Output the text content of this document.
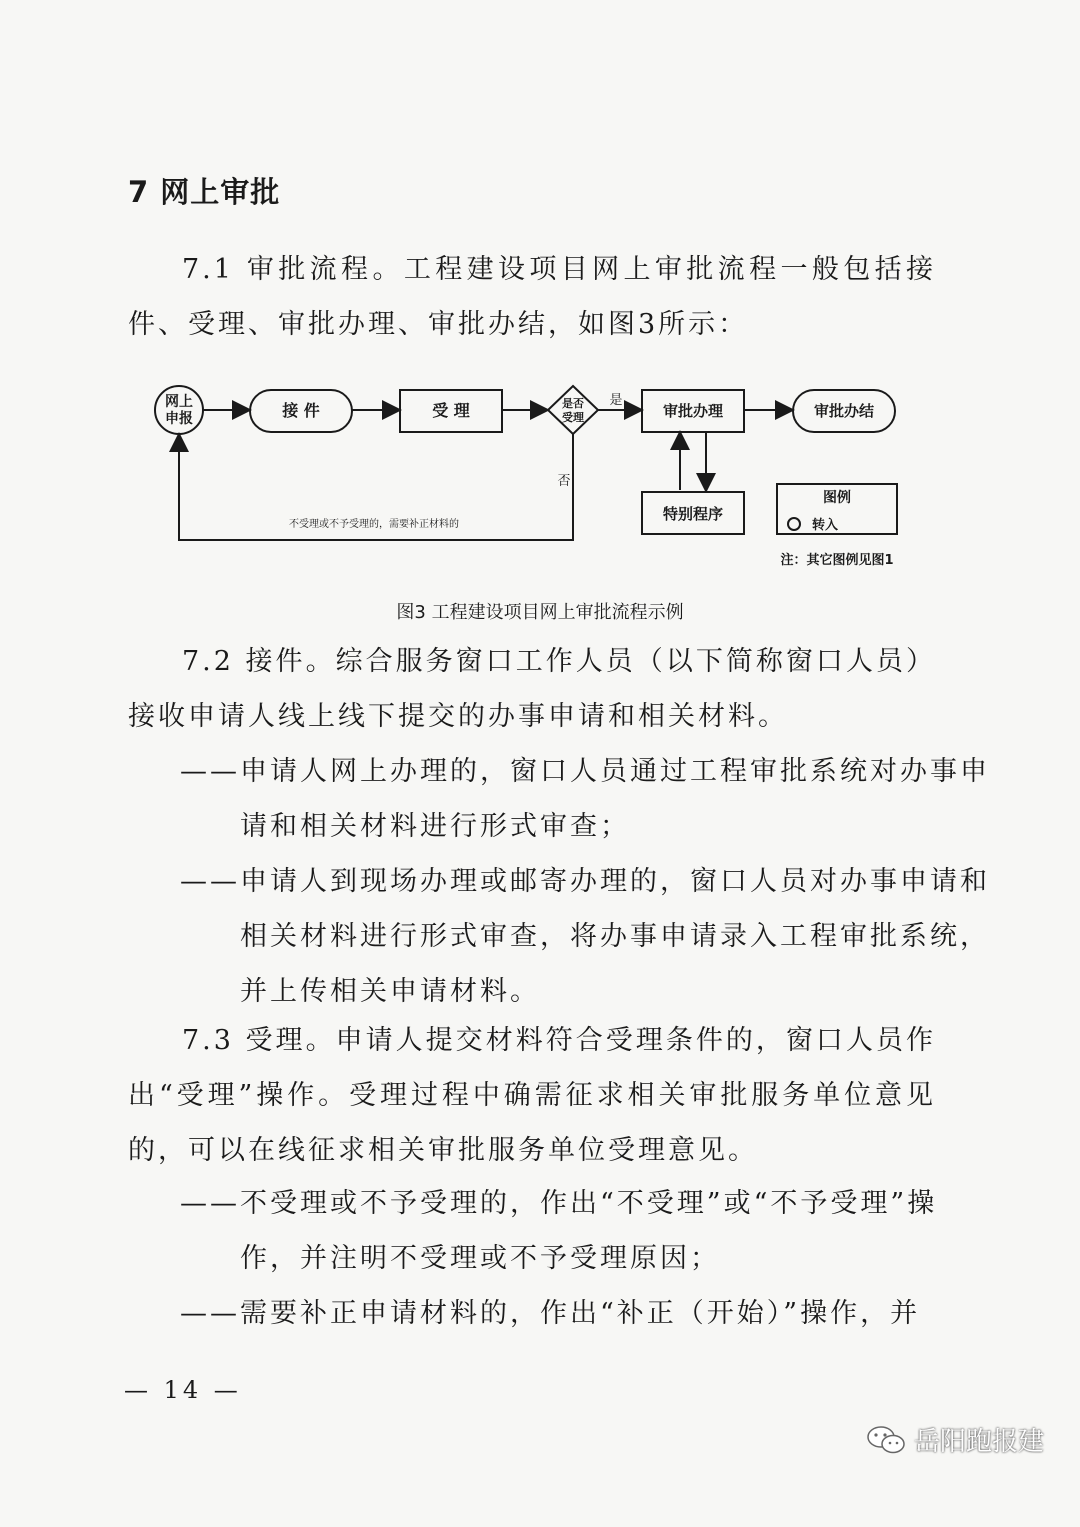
7 网上审批

7.1 审批流程。工程建设项目网上审批流程一般包括接件、受理、审批办理、审批办结，如图3所示：

网上
申报	接 件	受 理	是否
受理	审批办理	审批办结
特别程序
图例
转入
注：其它图例见图1
是
否
不受理或不予受理的，需要补正材料的
图3 工程建设项目网上审批流程示例

7.2 接件。综合服务窗口工作人员（以下简称窗口人员）接收申请人线上线下提交的办事申请和相关材料。

——申请人网上办理的，窗口人员通过工程审批系统对办事申请和相关材料进行形式审查；

——申请人到现场办理或邮寄办理的，窗口人员对办事申请和相关材料进行形式审查，将办事申请录入工程审批系统，并上传相关申请材料。

7.3 受理。申请人提交材料符合受理条件的，窗口人员作出“受理”操作。受理过程中确需征求相关审批服务单位意见的，可以在线征求相关审批服务单位受理意见。

——不受理或不予受理的，作出“不受理”或“不予受理”操作，并注明不受理或不予受理原因；

——需要补正申请材料的，作出“补正（开始）”操作，并

— 14 —
岳阳跑报建
